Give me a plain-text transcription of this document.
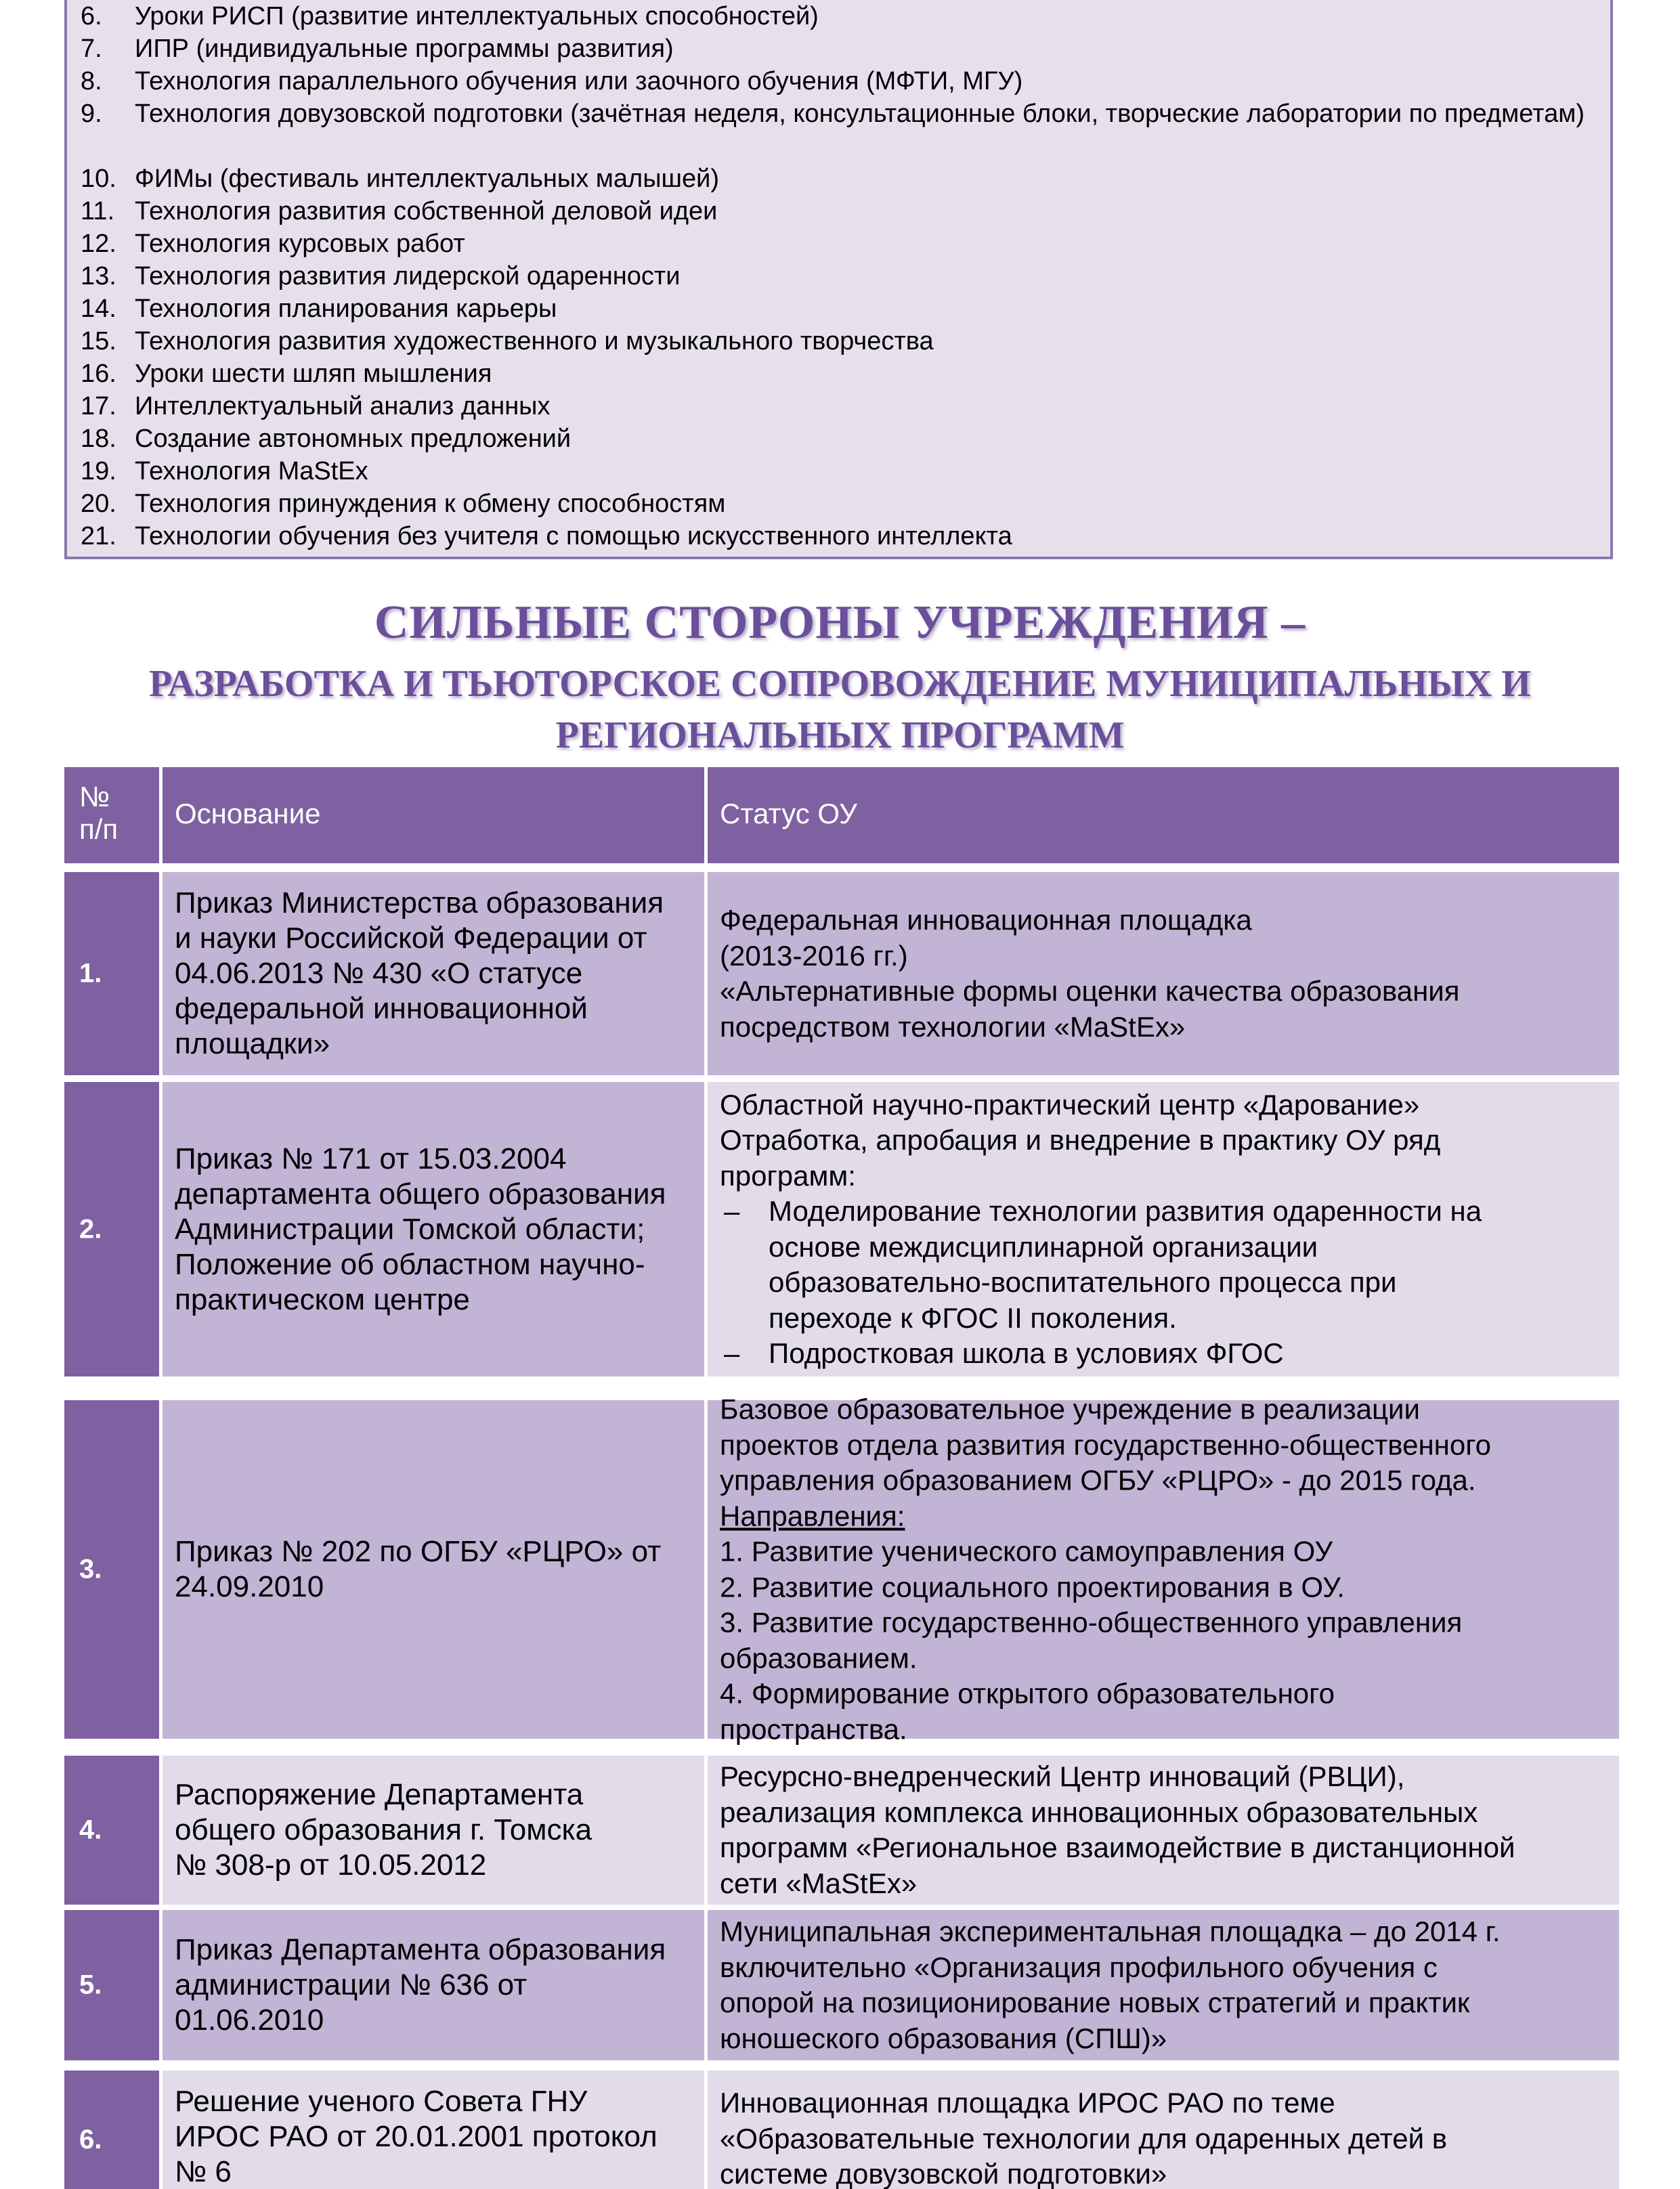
6. Уроки РИСП (развитие интеллектуальных способностей)
7. ИПР (индивидуальные программы развития)
8. Технология параллельного обучения или заочного обучения (МФТИ, МГУ)
9. Технология довузовской подготовки (зачётная неделя, консультационные блоки, творческие лаборатории по предметам)
10. ФИМы (фестиваль интеллектуальных малышей)
11. Технология развития собственной деловой идеи
12. Технология курсовых работ
13. Технология развития лидерской одаренности
14. Технология планирования карьеры
15. Технология развития художественного и музыкального творчества
16. Уроки шести шляп мышления
17. Интеллектуальный анализ данных
18. Создание автономных предложений
19. Технология MaStEx
20. Технология принуждения к обмену способностям
21. Технологии обучения без учителя с помощью искусственного интеллекта
СИЛЬНЫЕ СТОРОНЫ УЧРЕЖДЕНИЯ –
РАЗРАБОТКА И ТЬЮТОРСКОЕ СОПРОВОЖДЕНИЕ МУНИЦИПАЛЬНЫХ И
РЕГИОНАЛЬНЫХ ПРОГРАММ
№
п/п Основание	Статус ОУ
1.
Приказ Министерства образования
и науки Российской Федерации от
04.06.2013 № 430 «О статусе
федеральной инновационной
площадки»
Федеральная инновационная площадка
(2013-2016 гг.)
«Альтернативные формы оценки качества образования
посредством технологии «MaStEx»
2.
Приказ № 171 от 15.03.2004
департамента общего образования
Администрации Томской области;
Положение об областном научно-
практическом центре
Областной научно-практический центр «Дарование»
Отработка, апробация и внедрение в практику ОУ ряд
программ:
– Моделирование технологии развития одаренности на
основе междисциплинарной организации
образовательно-воспитательного процесса при
переходе к ФГОС II поколения.
– Подростковая школа в условиях ФГОС
3.
Приказ № 202 по ОГБУ «РЦРО» от
24.09.2010
Базовое образовательное учреждение в реализации
проектов отдела развития государственно-общественного
управления образованием ОГБУ «РЦРО» - до 2015 года.
Направления:
1. Развитие ученического самоуправления ОУ
2. Развитие социального проектирования в ОУ.
3. Развитие государственно-общественного управления
образованием.
4. Формирование открытого образовательного
пространства.
4.
Распоряжение Департамента
общего образования г. Томска
№ 308-р от 10.05.2012
Ресурсно-внедренческий Центр инноваций (РВЦИ),
реализация комплекса инновационных образовательных
программ «Региональное взаимодействие в дистанционной
сети «MaStEx»
5.
Приказ Департамента образования
администрации № 636 от
01.06.2010
Муниципальная экспериментальная площадка – до 2014 г.
включительно «Организация профильного обучения с
опорой на позиционирование новых стратегий и практик
юношеского образования (СПШ)»
6.
Решение ученого Совета ГНУ
ИРОС РАО от 20.01.2001 протокол
№ 6
Инновационная площадка ИРОС РАО по теме
«Образовательные технологии для одаренных детей в
системе довузовской подготовки»
